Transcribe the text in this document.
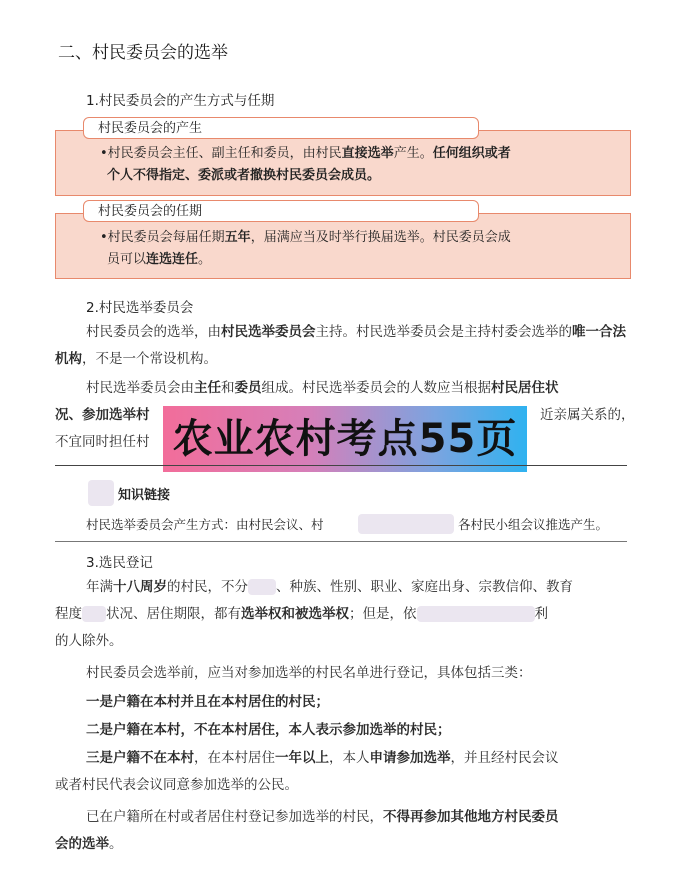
二、村民委员会的选举
1.村民委员会的产生方式与任期
村民委员会的产生
•村民委员会主任、副主任和委员，由村民直接选举产生。任何组织或者
个人不得指定、委派或者撤换村民委员会成员。
村民委员会的任期
•村民委员会每届任期五年，届满应当及时举行换届选举。村民委员会成
员可以连选连任。
2.村民选举委员会
村民委员会的选举，由村民选举委员会主持。村民选举委员会是主持村委会选举的唯一合法机构，不是一个常设机构。
村民选举委员会由主任和委员组成。村民选举委员会的人数应当根据村民居住状
况、参加选举村	近亲属关系的，
不宜同时担任村 农业农村考点55页
知识链接
村民选举委员会产生方式：由村民会议、村	各村民小组会议推选产生。
3.选民登记
年满十八周岁的村民，不分 、种族、性别、职业、家庭出身、宗教信仰、教育
程度 状况、居住期限，都有选举权和被选举权；但是，依	利
的人除外。
村民委员会选举前，应当对参加选举的村民名单进行登记，具体包括三类：
一是户籍在本村并且在本村居住的村民；
二是户籍在本村，不在本村居住，本人表示参加选举的村民；
三是户籍不在本村，在本村居住一年以上，本人申请参加选举，并且经村民会议
或者村民代表会议同意参加选举的公民。
已在户籍所在村或者居住村登记参加选举的村民，不得再参加其他地方村民委员
会的选举。
